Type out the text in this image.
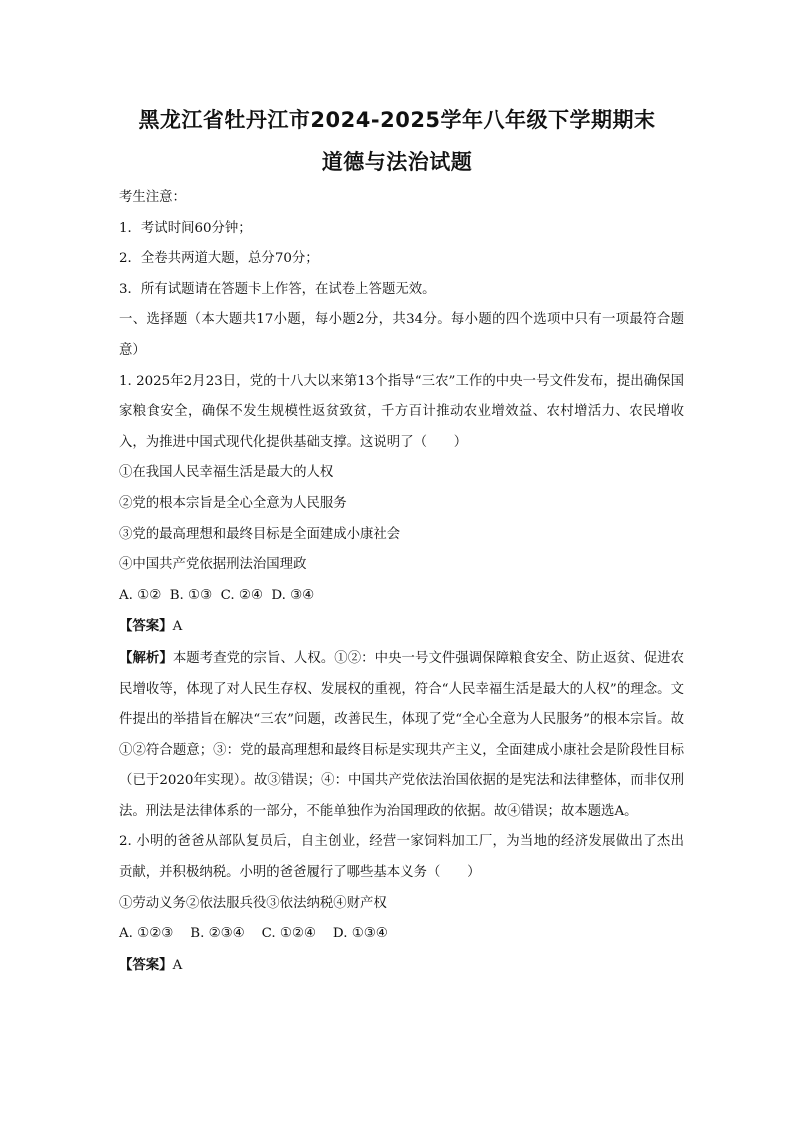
黑龙江省牡丹江市2024-2025学年八年级下学期期末
道德与法治试题

考生注意：

1．考试时间60分钟；

2．全卷共两道大题，总分70分；

3．所有试题请在答题卡上作答，在试卷上答题无效。

一、选择题（本大题共17小题，每小题2分，共34分。每小题的四个选项中只有一项最符合题意）

1. 2025年2月23日，党的十八大以来第13个指导“三农”工作的中央一号文件发布，提出确保国家粮食安全，确保不发生规模性返贫致贫，千方百计推动农业增效益、农村增活力、农民增收入，为推进中国式现代化提供基础支撑。这说明了（　　）

①在我国人民幸福生活是最大的人权

②党的根本宗旨是全心全意为人民服务

③党的最高理想和最终目标是全面建成小康社会

④中国共产党依据刑法治国理政

A. ①②  B. ①③  C. ②④  D. ③④

【答案】A

【解析】本题考查党的宗旨、人权。①②：中央一号文件强调保障粮食安全、防止返贫、促进农民增收等，体现了对人民生存权、发展权的重视，符合“人民幸福生活是最大的人权”的理念。文件提出的举措旨在解决“三农”问题，改善民生，体现了党“全心全意为人民服务”的根本宗旨。故①②符合题意；③：党的最高理想和最终目标是实现共产主义，全面建成小康社会是阶段性目标（已于2020年实现）。故③错误；④：中国共产党依法治国依据的是宪法和法律整体，而非仅刑法。刑法是法律体系的一部分，不能单独作为治国理政的依据。故④错误；故本题选A。

2. 小明的爸爸从部队复员后，自主创业，经营一家饲料加工厂，为当地的经济发展做出了杰出贡献，并积极纳税。小明的爸爸履行了哪些基本义务（　　）

①劳动义务②依法服兵役③依法纳税④财产权

A. ①②③    B. ②③④    C. ①②④    D. ①③④

【答案】A
